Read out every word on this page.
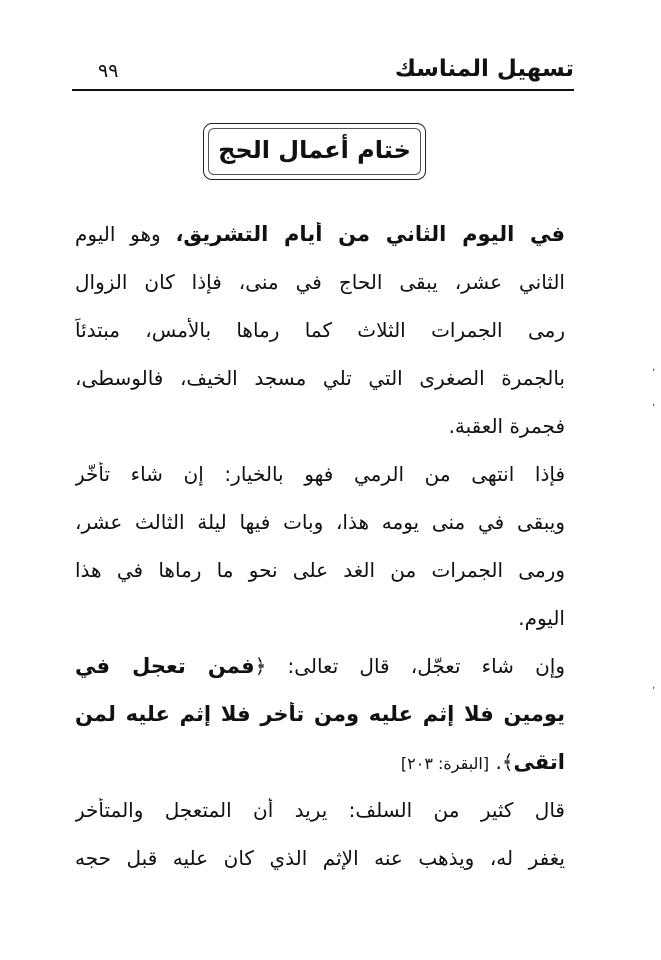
تسهيل المناسك
٩٩
ختام أعمال الحج
في اليوم الثاني من أيام التشريق، وهو اليوم
الثاني عشر، يبقى الحاج في منى، فإذا كان الزوال
رمى الجمرات الثلاث كما رماها بالأمس، مبتدئاً
بالجمرة الصغرى التي تلي مسجد الخيف، فالوسطى،
فجمرة العقبة.
فإذا انتهى من الرمي فهو بالخيار: إن شاء تأخّر
ويبقى في منى يومه هذا، وبات فيها ليلة الثالث عشر،
ورمى الجمرات من الغد على نحو ما رماها في هذا
اليوم.
وإن شاء تعجّل، قال تعالى: ﴿فمن تعجل في
يومين فلا إثم عليه ومن تأخر فلا إثم عليه لمن
اتقى﴾. [البقرة: ٢٠٣]
قال كثير من السلف: يريد أن المتعجل والمتأخر
يغفر له، ويذهب عنه الإثم الذي كان عليه قبل حجه
٬
٬
٬
